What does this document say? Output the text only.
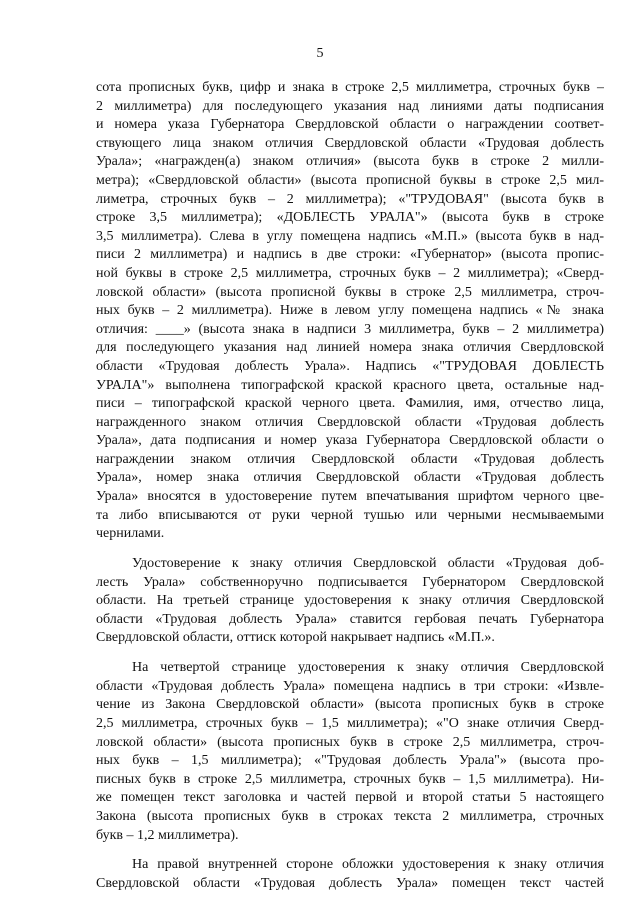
5
сота прописных букв, цифр и знака в строке 2,5 миллиметра, строчных букв –
2 миллиметра) для последующего указания над линиями даты подписания
и номера указа Губернатора Свердловской области о награждении соответ-
ствующего лица знаком отличия Свердловской области «Трудовая доблесть
Урала»; «награжден(а) знаком отличия» (высота букв в строке 2 милли-
метра); «Свердловской области» (высота прописной буквы в строке 2,5 мил-
лиметра, строчных букв – 2 миллиметра); «"ТРУДОВАЯ" (высота букв в
строке 3,5 миллиметра); «ДОБЛЕСТЬ УРАЛА"» (высота букв в строке
3,5 миллиметра). Слева в углу помещена надпись «М.П.» (высота букв в над-
писи 2 миллиметра) и надпись в две строки: «Губернатор» (высота пропис-
ной буквы в строке 2,5 миллиметра, строчных букв – 2 миллиметра); «Сверд-
ловской области» (высота прописной буквы в строке 2,5 миллиметра, строч-
ных букв – 2 миллиметра). Ниже в левом углу помещена надпись «№ знака
отличия: ____» (высота знака в надписи 3 миллиметра, букв – 2 миллиметра)
для последующего указания над линией номера знака отличия Свердловской
области «Трудовая доблесть Урала». Надпись «"ТРУДОВАЯ ДОБЛЕСТЬ
УРАЛА"» выполнена типографской краской красного цвета, остальные над-
писи – типографской краской черного цвета. Фамилия, имя, отчество лица,
награжденного знаком отличия Свердловской области «Трудовая доблесть
Урала», дата подписания и номер указа Губернатора Свердловской области о
награждении знаком отличия Свердловской области «Трудовая доблесть
Урала», номер знака отличия Свердловской области «Трудовая доблесть
Урала» вносятся в удостоверение путем впечатывания шрифтом черного цве-
та либо вписываются от руки черной тушью или черными несмываемыми
чернилами.
Удостоверение к знаку отличия Свердловской области «Трудовая доб-
лесть Урала» собственноручно подписывается Губернатором Свердловской
области. На третьей странице удостоверения к знаку отличия Свердловской
области «Трудовая доблесть Урала» ставится гербовая печать Губернатора
Свердловской области, оттиск которой накрывает надпись «М.П.».
На четвертой странице удостоверения к знаку отличия Свердловской
области «Трудовая доблесть Урала» помещена надпись в три строки: «Извле-
чение из Закона Свердловской области» (высота прописных букв в строке
2,5 миллиметра, строчных букв – 1,5 миллиметра); «"О знаке отличия Сверд-
ловской области» (высота прописных букв в строке 2,5 миллиметра, строч-
ных букв – 1,5 миллиметра); «"Трудовая доблесть Урала"» (высота про-
писных букв в строке 2,5 миллиметра, строчных букв – 1,5 миллиметра). Ни-
же помещен текст заголовка и частей первой и второй статьи 5 настоящего
Закона (высота прописных букв в строках текста 2 миллиметра, строчных
букв – 1,2 миллиметра).
На правой внутренней стороне обложки удостоверения к знаку отличия
Свердловской области «Трудовая доблесть Урала» помещен текст частей
